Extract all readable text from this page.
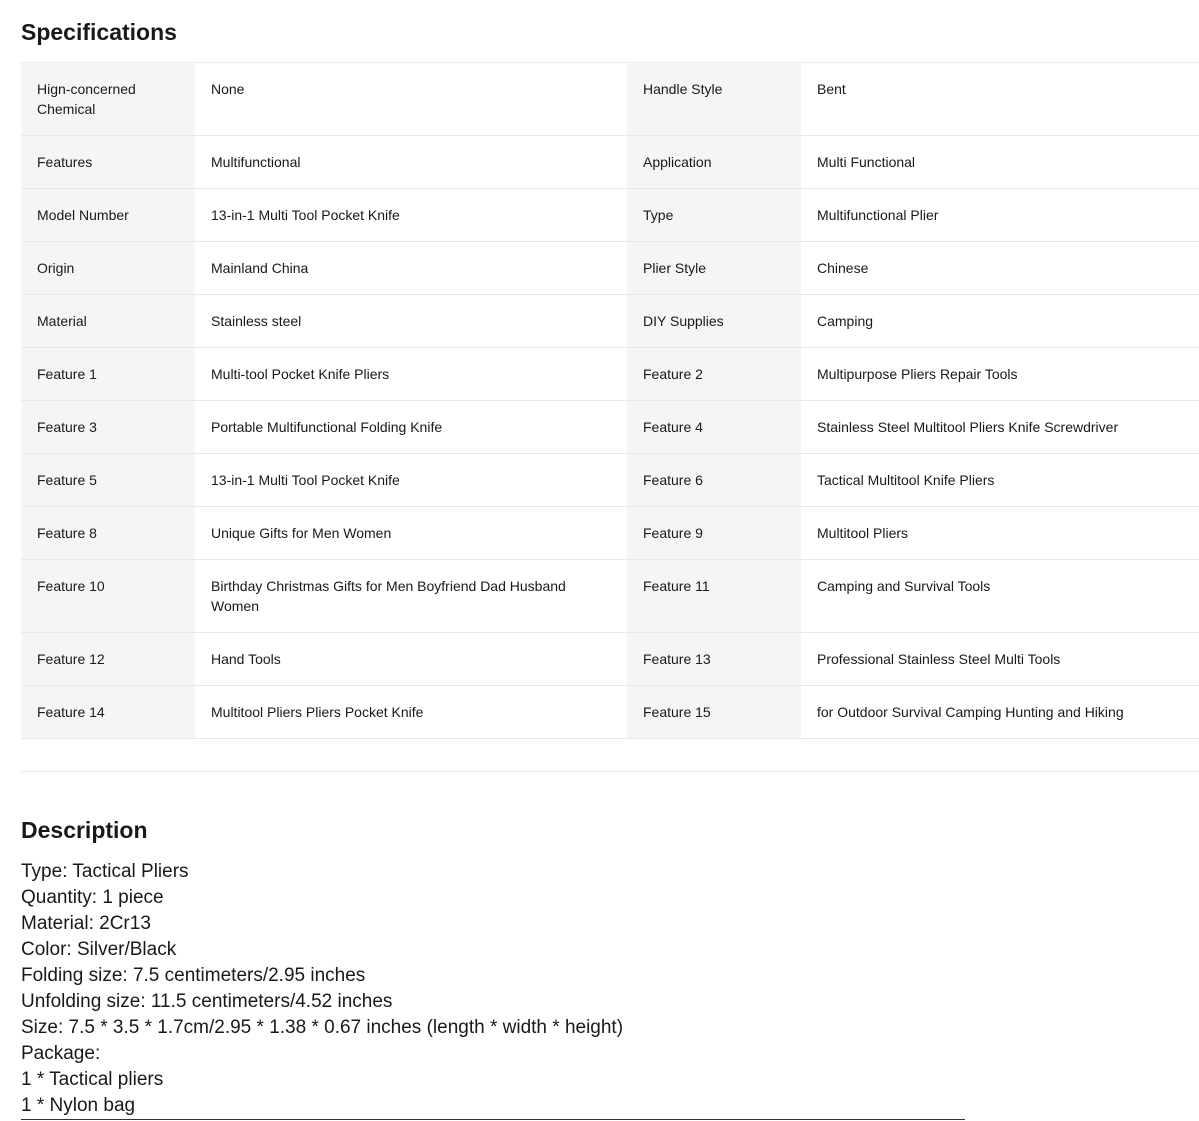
Specifications
Hign-concerned Chemical	None	Handle Style	Bent
Features	Multifunctional	Application	Multi Functional
Model Number	13-in-1 Multi Tool Pocket Knife	Type	Multifunctional Plier
Origin	Mainland China	Plier Style	Chinese
Material	Stainless steel	DIY Supplies	Camping
Feature 1	Multi-tool Pocket Knife Pliers	Feature 2	Multipurpose Pliers Repair Tools
Feature 3	Portable Multifunctional Folding Knife	Feature 4	Stainless Steel Multitool Pliers Knife Screwdriver
Feature 5	13-in-1 Multi Tool Pocket Knife	Feature 6	Tactical Multitool Knife Pliers
Feature 8	Unique Gifts for Men Women	Feature 9	Multitool Pliers
Feature 10	Birthday Christmas Gifts for Men Boyfriend Dad Husband Women	Feature 11	Camping and Survival Tools
Feature 12	Hand Tools	Feature 13	Professional Stainless Steel Multi Tools
Feature 14	Multitool Pliers Pliers Pocket Knife	Feature 15	for Outdoor Survival Camping Hunting and Hiking
Description
Type: Tactical Pliers
Quantity: 1 piece
Material: 2Cr13
Color: Silver/Black
Folding size: 7.5 centimeters/2.95 inches
Unfolding size: 11.5 centimeters/4.52 inches
Size: 7.5 * 3.5 * 1.7cm/2.95 * 1.38 * 0.67 inches (length * width * height)
Package:
1 * Tactical pliers
1 * Nylon bag
